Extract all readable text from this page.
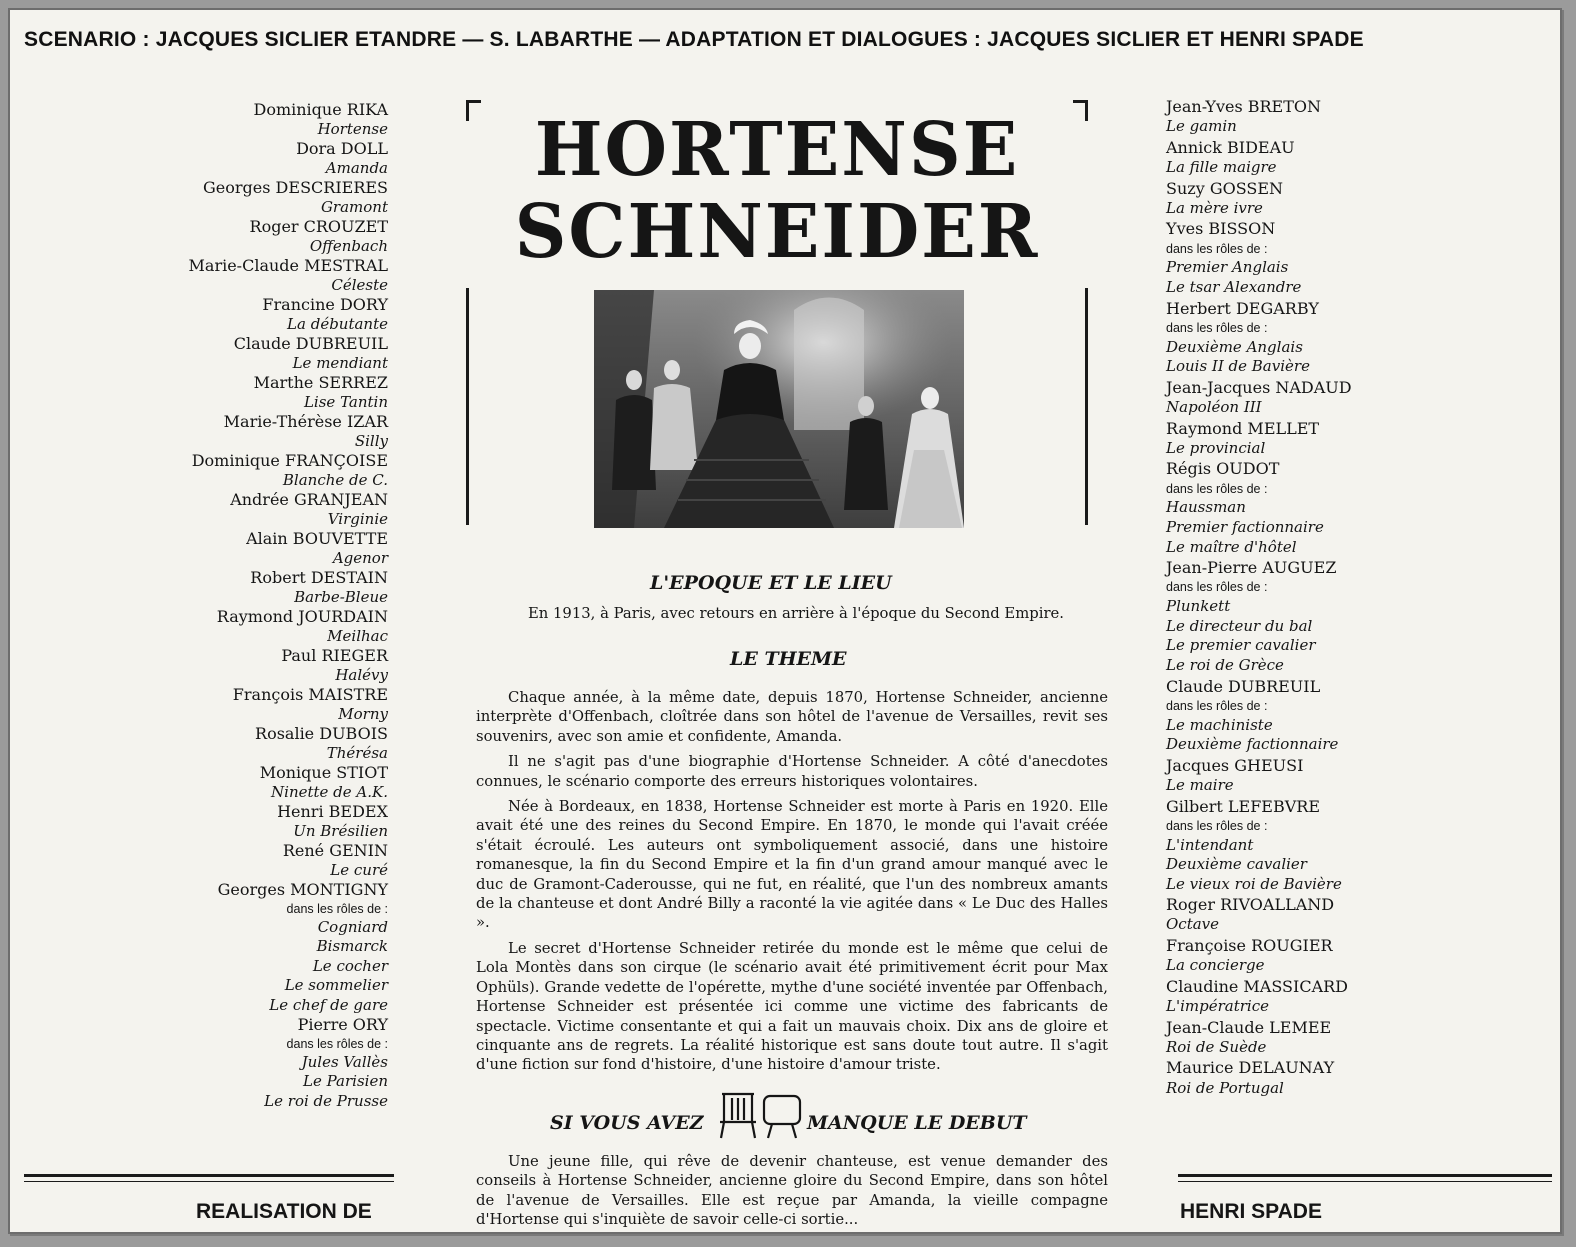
SCENARIO : JACQUES SICLIER ETANDRE — S. LABARTHE — ADAPTATION ET DIALOGUES : JACQUES SICLIER ET HENRI SPADE
Dominique RIKA
Hortense
Dora DOLL
Amanda
Georges DESCRIERES
Gramont
Roger CROUZET
Offenbach
Marie-Claude MESTRAL
Céleste
Francine DORY
La débutante
Claude DUBREUIL
Le mendiant
Marthe SERREZ
Lise Tantin
Marie-Thérèse IZAR
Silly
Dominique FRANÇOISE
Blanche de C.
Andrée GRANJEAN
Virginie
Alain BOUVETTE
Agenor
Robert DESTAIN
Barbe-Bleue
Raymond JOURDAIN
Meilhac
Paul RIEGER
Halévy
François MAISTRE
Morny
Rosalie DUBOIS
Thérésa
Monique STIOT
Ninette de A.K.
Henri BEDEX
Un Brésilien
René GENIN
Le curé
Georges MONTIGNY
dans les rôles de :
Cogniard
Bismarck
Le cocher
Le sommelier
Le chef de gare
Pierre ORY
dans les rôles de :
Jules Vallès
Le Parisien
Le roi de Prusse
HORTENSE
SCHNEIDER
L'EPOQUE ET LE LIEU
En 1913, à Paris, avec retours en arrière à l'époque du Second Empire.
LE THEME

Chaque année, à la même date, depuis 1870, Hortense Schneider, ancienne interprète d'Offenbach, cloîtrée dans son hôtel de l'avenue de Versailles, revit ses souvenirs, avec son amie et confidente, Amanda.

Il ne s'agit pas d'une biographie d'Hortense Schneider. A côté d'anecdotes connues, le scénario comporte des erreurs historiques volontaires.

Née à Bordeaux, en 1838, Hortense Schneider est morte à Paris en 1920. Elle avait été une des reines du Second Empire. En 1870, le monde qui l'avait créée s'était écroulé. Les auteurs ont symboliquement associé, dans une histoire romanesque, la fin du Second Empire et la fin d'un grand amour manqué avec le duc de Gramont-Caderousse, qui ne fut, en réalité, que l'un des nombreux amants de la chanteuse et dont André Billy a raconté la vie agitée dans « Le Duc des Halles ».

Le secret d'Hortense Schneider retirée du monde est le même que celui de Lola Montès dans son cirque (le scénario avait été primitivement écrit pour Max Ophüls). Grande vedette de l'opérette, mythe d'une société inventée par Offenbach, Hortense Schneider est présentée ici comme une victime des fabricants de spectacle. Victime consentante et qui a fait un mauvais choix. Dix ans de gloire et cinquante ans de regrets. La réalité historique est sans doute tout autre. Il s'agit d'une fiction sur fond d'histoire, d'une histoire d'amour triste.

SI VOUS AVEZ	MANQUE LE DEBUT

Une jeune fille, qui rêve de devenir chanteuse, est venue demander des conseils à Hortense Schneider, ancienne gloire du Second Empire, dans son hôtel de l'avenue de Versailles. Elle est reçue par Amanda, la vieille compagne d'Hortense qui s'inquiète de savoir celle-ci sortie...

Jean-Yves BRETON
Le gamin
Annick BIDEAU
La fille maigre
Suzy GOSSEN
La mère ivre
Yves BISSON
dans les rôles de :
Premier Anglais
Le tsar Alexandre
Herbert DEGARBY
dans les rôles de :
Deuxième Anglais
Louis II de Bavière
Jean-Jacques NADAUD
Napoléon III
Raymond MELLET
Le provincial
Régis OUDOT
dans les rôles de :
Haussman
Premier factionnaire
Le maître d'hôtel
Jean-Pierre AUGUEZ
dans les rôles de :
Plunkett
Le directeur du bal
Le premier cavalier
Le roi de Grèce
Claude DUBREUIL
dans les rôles de :
Le machiniste
Deuxième factionnaire
Jacques GHEUSI
Le maire
Gilbert LEFEBVRE
dans les rôles de :
L'intendant
Deuxième cavalier
Le vieux roi de Bavière
Roger RIVOALLAND
Octave
Françoise ROUGIER
La concierge
Claudine MASSICARD
L'impératrice
Jean-Claude LEMEE
Roi de Suède
Maurice DELAUNAY
Roi de Portugal
REALISATION DE	HENRI SPADE
